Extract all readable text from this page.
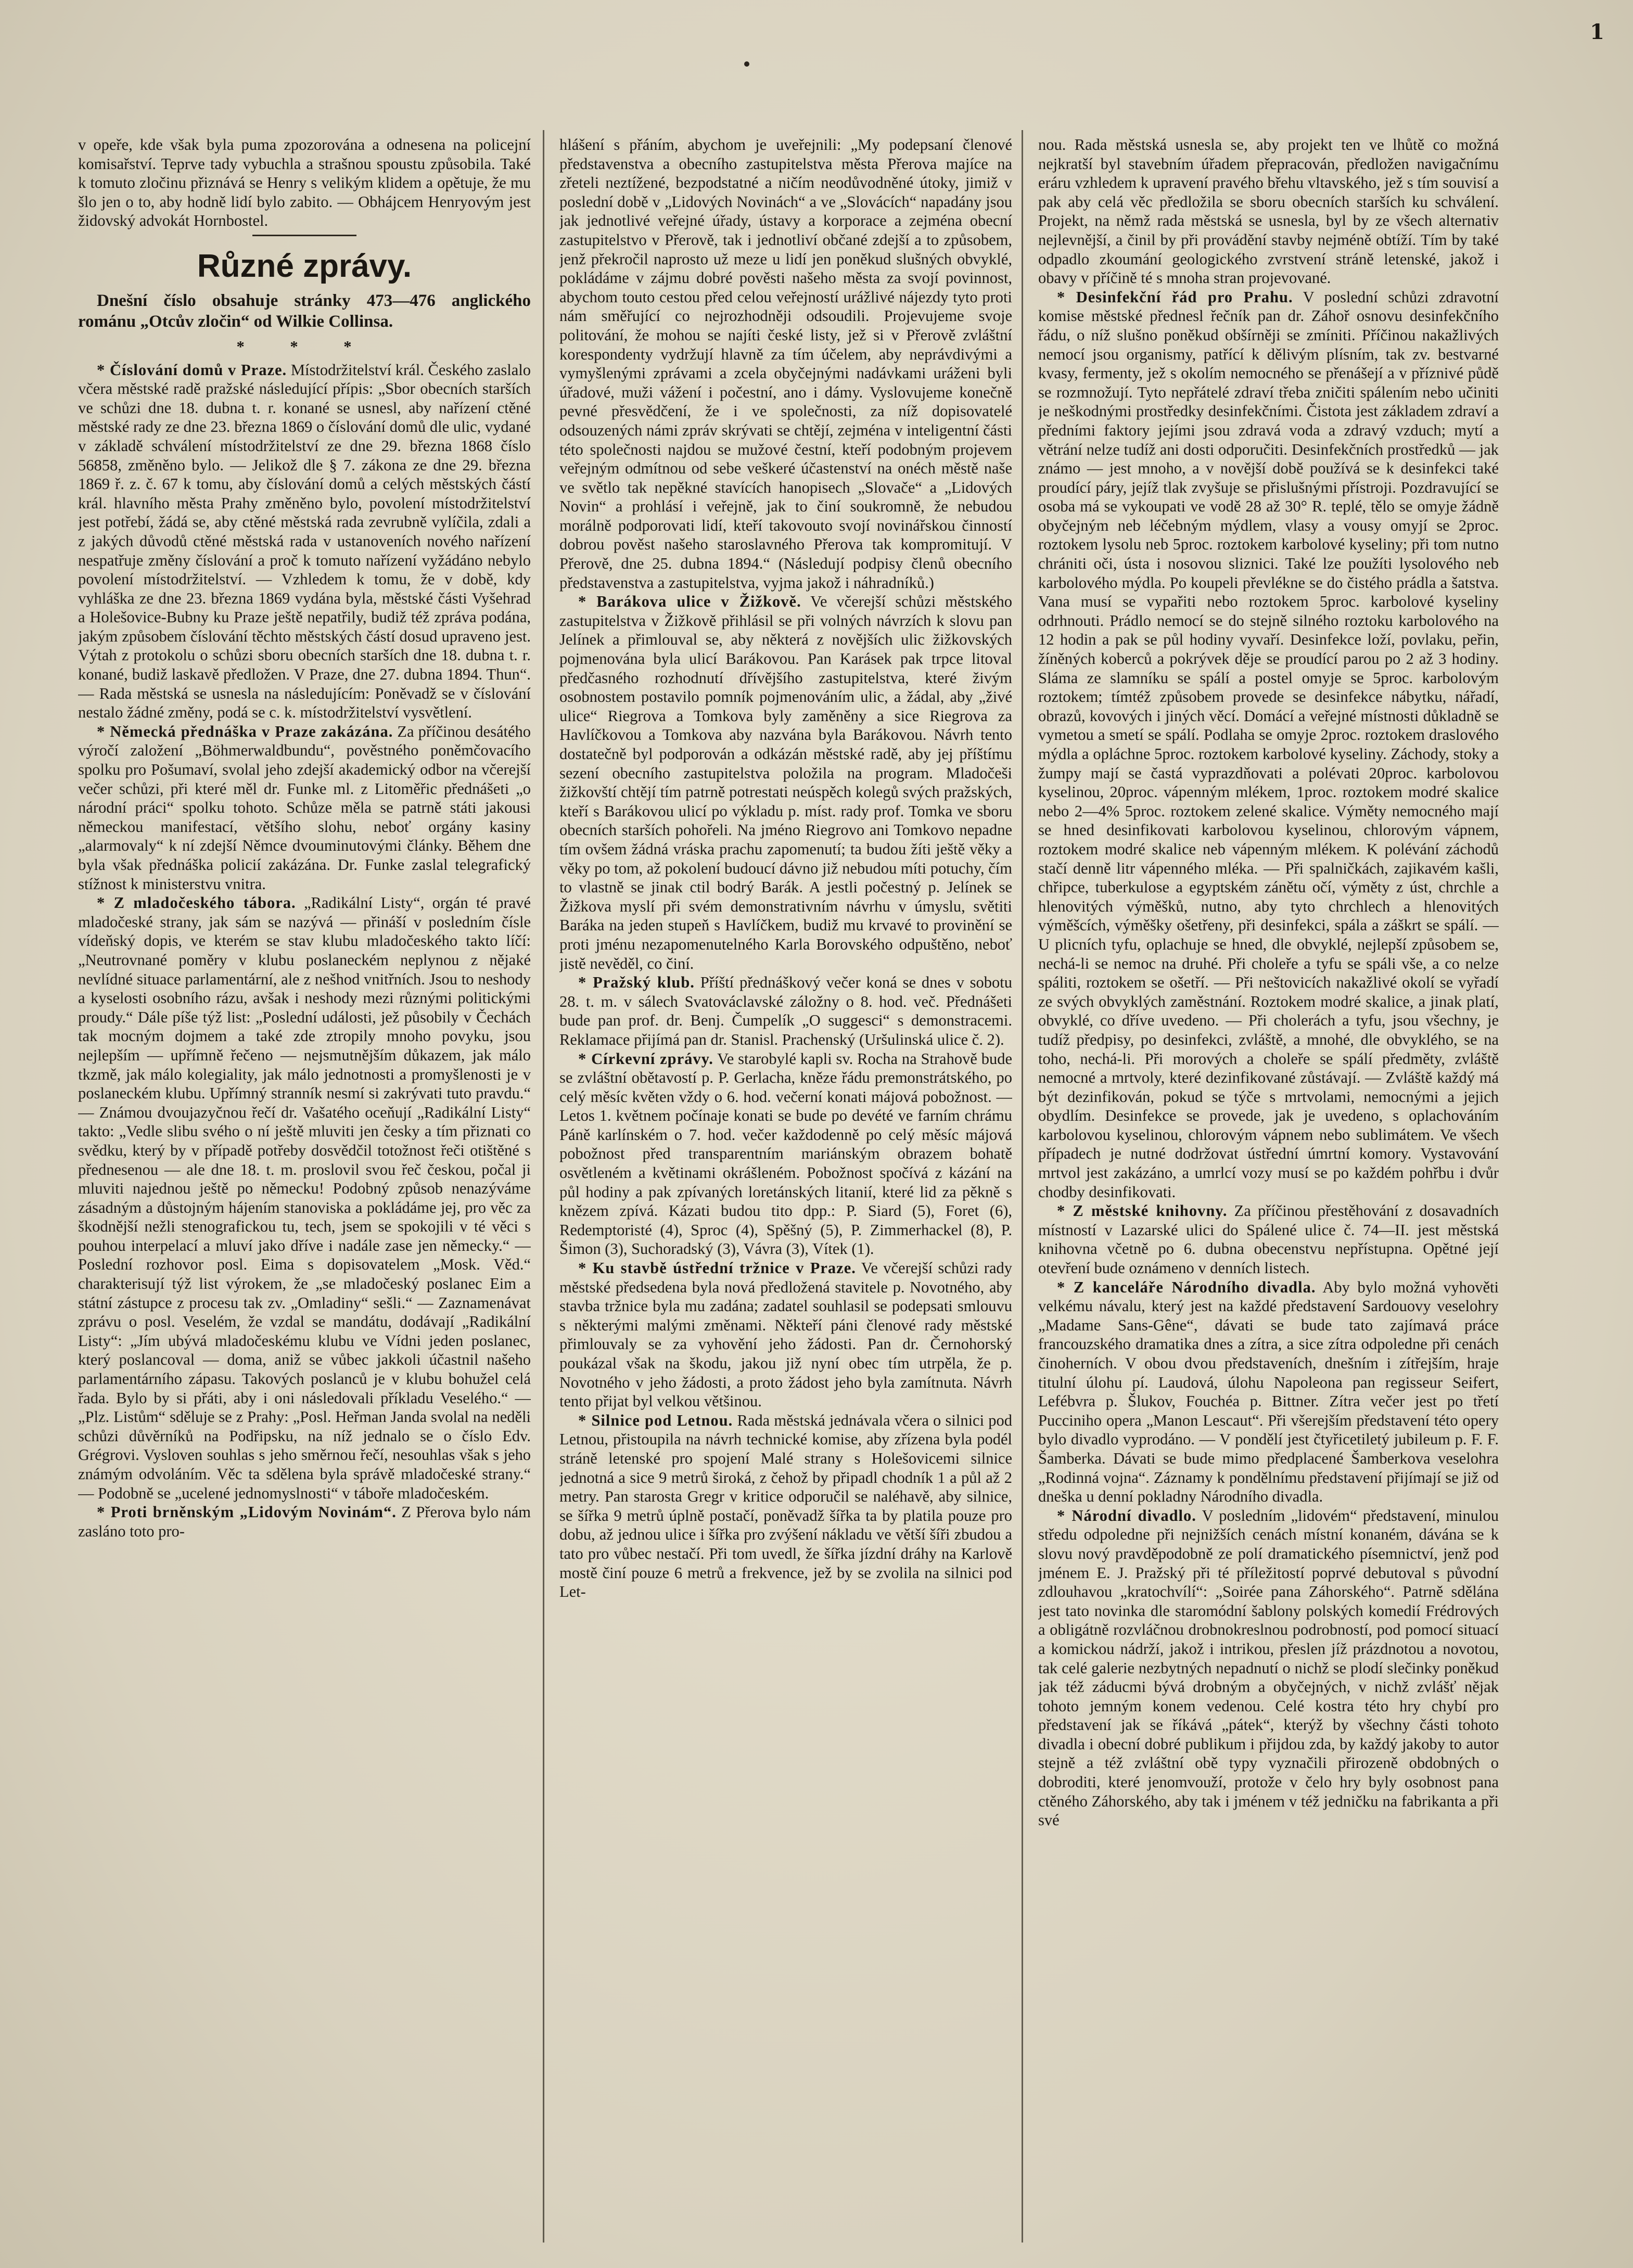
1

v opeře, kde však byla puma zpozorována a odnesena na policejní komisařství. Teprve tady vybuchla a strašnou spoustu způsobila. Také k tomuto zločinu přiznává se Henry s velikým klidem a opětuje, že mu šlo jen o to, aby hodně lidí bylo zabito. — Obhájcem Henryovým jest židovský advokát Hornbostel.

Různé zprávy.

Dnešní číslo obsahuje stránky 473—476 anglického románu „Otcův zločin“ od Wilkie Collinsa.

* * *

* Číslování domů v Praze. Místodržitelství král. Českého zaslalo včera městské radě pražské následující přípis: „Sbor obecních starších ve schůzi dne 18. dubna t. r. konané se usnesl, aby nařízení ctěné městské rady ze dne 23. března 1869 o číslování domů dle ulic, vydané v základě schválení místodržitelství ze dne 29. března 1868 číslo 56858, změněno bylo. — Jelikož dle § 7. zákona ze dne 29. března 1869 ř. z. č. 67 k tomu, aby číslování domů a celých městských částí král. hlavního města Prahy změněno bylo, povolení místodržitelství jest potřebí, žádá se, aby ctěné městská rada zevrubně vylíčila, zdali a z jakých důvodů ctěné městská rada v ustanoveních nového nařízení nespatřuje změny číslování a proč k tomuto nařízení vyžádáno nebylo povolení místodržitelství. — Vzhledem k tomu, že v době, kdy vyhláška ze dne 23. března 1869 vydána byla, městské části Vyšehrad a Holešovice-Bubny ku Praze ještě nepatřily, budiž též zpráva podána, jakým způsobem číslování těchto městských částí dosud upraveno jest. Výtah z protokolu o schůzi sboru obecních starších dne 18. dubna t. r. konané, budiž laskavě předložen. V Praze, dne 27. dubna 1894. Thun“. — Rada městská se usnesla na následujícím: Poněvadž se v číslování nestalo žádné změny, podá se c. k. místodržitelství vysvětlení.

* Německá přednáška v Praze zakázána. Za příčinou desátého výročí založení „Böhmerwaldbundu“, pověstného poněmčovacího spolku pro Pošumaví, svolal jeho zdejší akademický odbor na včerejší večer schůzi, při které měl dr. Funke ml. z Litoměřic přednášeti „o národní práci“ spolku tohoto. Schůze měla se patrně státi jakousi německou manifestací, většího slohu, neboť orgány kasiny „alarmovaly“ k ní zdejší Němce dvouminutovými články. Během dne byla však přednáška policií zakázána. Dr. Funke zaslal telegrafický stížnost k ministerstvu vnitra.

* Z mladočeského tábora. „Radikální Listy“, orgán té pravé mladočeské strany, jak sám se nazývá — přináší v posledním čísle vídeňský dopis, ve kterém se stav klubu mladočeského takto líčí: „Neutrovnané poměry v klubu poslaneckém neplynou z nějaké nevlídné situace parlamentární, ale z nešhod vnitřních. Jsou to neshody a kyselosti osobního rázu, avšak i neshody mezi různými politickými proudy.“ Dále píše týž list: „Poslední události, jež působily v Čechách tak mocným dojmem a také zde ztropily mnoho povyku, jsou nejlepším — upřímně řečeno — nejsmutnějším důkazem, jak málo tkzmě, jak málo kolegiality, jak málo jednotnosti a promyšlenosti je v poslaneckém klubu. Upřímný stranník nesmí si zakrývati tuto pravdu.“ — Známou dvoujazyčnou řečí dr. Vašatého oceňují „Radikální Listy“ takto: „Vedle slibu svého o ní ještě mluviti jen česky a tím přiznati co svědku, který by v případě potřeby dosvědčil totožnost řeči otištěné s přednesenou — ale dne 18. t. m. proslovil svou řeč českou, počal ji mluviti najednou ještě po německu! Podobný způsob nenazýváme zásadným a důstojným hájením stanoviska a pokládáme jej, pro věc za škodnější nežli stenografickou tu, tech, jsem se spokojili v té věci s pouhou interpelací a mluví jako dříve i nadále zase jen německy.“ — Poslední rozhovor posl. Eima s dopisovatelem „Mosk. Věd.“ charakterisují týž list výrokem, že „se mladočeský poslanec Eim a státní zástupce z procesu tak zv. „Omladiny“ sešli.“ — Zaznamenávat zprávu o posl. Veselém, že vzdal se mandátu, dodávají „Radikální Listy“: „Jím ubývá mladočeskému klubu ve Vídni jeden poslanec, který poslancoval — doma, aniž se vůbec jakkoli účastnil našeho parlamentárního zápasu. Takových poslanců je v klubu bohužel celá řada. Bylo by si přáti, aby i oni následovali příkladu Veselého.“ — „Plz. Listům“ sděluje se z Prahy: „Posl. Heřman Janda svolal na neděli schůzi důvěrníků na Podřipsku, na níž jednalo se o číslo Edv. Grégrovi. Vysloven souhlas s jeho směrnou řečí, nesouhlas však s jeho známým odvoláním. Věc ta sdělena byla správě mladočeské strany.“ — Podobně se „ucelené jednomyslnosti“ v táboře mladočeském.

* Proti brněnským „Lidovým Novinám“. Z Přerova bylo nám zasláno toto pro-

hlášení s přáním, abychom je uveřejnili: „My podepsaní členové představenstva a obecního zastupitelstva města Přerova majíce na zřeteli neztížené, bezpodstatné a ničím neodůvodněné útoky, jimiž v poslední době v „Lidových Novinách“ a ve „Slovácích“ napadány jsou jak jednotlivé veřejné úřady, ústavy a korporace a zejména obecní zastupitelstvo v Přerově, tak i jednotliví občané zdejší a to způsobem, jenž překročil naprosto už meze u lidí jen poněkud slušných obvyklé, pokládáme v zájmu dobré pověsti našeho města za svojí povinnost, abychom touto cestou před celou veřejností urážlivé nájezdy tyto proti nám směřující co nejrozhodněji odsoudili. Projevujeme svoje politování, že mohou se najíti české listy, jež si v Přerově zvláštní korespondenty vydržují hlavně za tím účelem, aby neprávdivými a vymyšlenými zprávami a zcela obyčejnými nadávkami uráženi byli úřadové, muži vážení i počestní, ano i dámy. Vyslovujeme konečně pevné přesvědčení, že i ve společnosti, za níž dopisovatelé odsouzených námi zpráv skrývati se chtějí, zejména v inteligentní části této společnosti najdou se mužové čestní, kteří podobným projevem veřejným odmítnou od sebe veškeré účastenství na onéch městě naše ve světlo tak nepěkné stavících hanopisech „Slovače“ a „Lidových Novin“ a prohlásí i veřejně, jak to činí soukromně, že nebudou morálně podporovati lidí, kteří takovouto svojí novinářskou činností dobrou pověst našeho staroslavného Přerova tak kompromitují. V Přerově, dne 25. dubna 1894.“ (Následují podpisy členů obecního představenstva a zastupitelstva, vyjma jakož i náhradníků.)

* Barákova ulice v Žižkově. Ve včerejší schůzi městského zastupitelstva v Žižkově přihlásil se při volných návrzích k slovu pan Jelínek a přimlouval se, aby některá z novějších ulic žižkovských pojmenována byla ulicí Barákovou. Pan Karásek pak trpce litoval předčasného rozhodnutí dřívějšího zastupitelstva, které živým osobnostem postavilo pomník pojmenováním ulic, a žádal, aby „živé ulice“ Riegrova a Tomkova byly zaměněny a sice Riegrova za Havlíčkovou a Tomkova aby nazvána byla Barákovou. Návrh tento dostatečně byl podporován a odkázán městské radě, aby jej příštímu sezení obecního zastupitelstva položila na program. Mladočeši žižkovští chtějí tím patrně potrestati neúspěch kolegů svých pražských, kteří s Barákovou ulicí po výkladu p. míst. rady prof. Tomka ve sboru obecních starších pohořeli. Na jméno Riegrovo ani Tomkovo nepadne tím ovšem žádná vráska prachu zapomenutí; ta budou žíti ještě věky a věky po tom, až pokolení budoucí dávno již nebudou míti potuchy, čím to vlastně se jinak ctil bodrý Barák. A jestli počestný p. Jelínek se Žižkova myslí při svém demonstrativním návrhu v úmyslu, světiti Baráka na jeden stupeň s Havlíčkem, budiž mu krvavé to provinění se proti jménu nezapomenutelného Karla Borovského odpuštěno, neboť jistě nevěděl, co činí.

* Pražský klub. Příští přednáškový večer koná se dnes v sobotu 28. t. m. v sálech Svatováclavské záložny o 8. hod. več. Přednášeti bude pan prof. dr. Benj. Čumpelík „O suggesci“ s demonstracemi. Reklamace přijímá pan dr. Stanisl. Prachenský (Uršulinská ulice č. 2).

* Církevní zprávy. Ve starobylé kapli sv. Rocha na Strahově bude se zvláštní obětavostí p. P. Gerlacha, kněze řádu premonstrátského, po celý měsíc květen vždy o 6. hod. večerní konati májová pobožnost. — Letos 1. květnem počínaje konati se bude po devété ve farním chrámu Páně karlínském o 7. hod. večer každodenně po celý měsíc májová pobožnost před transparentním mariánským obrazem bohatě osvětleném a květinami okrášleném. Pobožnost spočívá z kázání na půl hodiny a pak zpívaných loretánských litanií, které lid za pěkně s knězem zpívá. Kázati budou tito dpp.: P. Siard (5), Foret (6), Redemptoristé (4), Sproc (4), Spěšný (5), P. Zimmerhackel (8), P. Šimon (3), Suchoradský (3), Vávra (3), Vítek (1).

* Ku stavbě ústřední tržnice v Praze. Ve včerejší schůzi rady městské předsedena byla nová předložená stavitele p. Novotného, aby stavba tržnice byla mu zadána; zadatel souhlasil se podepsati smlouvu s některými malými změnami. Někteří páni členové rady městské přimlouvaly se za vyhovění jeho žádosti. Pan dr. Černohorský poukázal však na škodu, jakou již nyní obec tím utrpěla, že p. Novotného v jeho žádosti, a proto žádost jeho byla zamítnuta. Návrh tento přijat byl velkou většinou.

* Silnice pod Letnou. Rada městská jednávala včera o silnici pod Letnou, přistoupila na návrh technické komise, aby zřízena byla podél stráně letenské pro spojení Malé strany s Holešovicemi silnice jednotná a sice 9 metrů široká, z čehož by připadl chodník 1 a půl až 2 metry. Pan starosta Gregr v kritice odporučil se naléhavě, aby silnice, se šířka 9 metrů úplně postačí, poněvadž šířka ta by platila pouze pro dobu, až jednou ulice i šířka pro zvýšení nákladu ve větší šíři zbudou a tato pro vůbec nestačí. Při tom uvedl, že šířka jízdní dráhy na Karlově mostě činí pouze 6 metrů a frekvence, jež by se zvolila na silnici pod Let-

nou. Rada městská usnesla se, aby projekt ten ve lhůtě co možná nejkratší byl stavebním úřadem přepracován, předložen navigačnímu eráru vzhledem k upravení pravého břehu vltavského, jež s tím souvisí a pak aby celá věc předložila se sboru obecních starších ku schválení. Projekt, na němž rada městská se usnesla, byl by ze všech alternativ nejlevnější, a činil by při provádění stavby nejméně obtíží. Tím by také odpadlo zkoumání geologického zvrstvení stráně letenské, jakož i obavy v příčině té s mnoha stran projevované.

* Desinfekční řád pro Prahu. V poslední schůzi zdravotní komise městské přednesl řečník pan dr. Záhoř osnovu desinfekčního řádu, o níž slušno poněkud obšírněji se zmíniti. Příčinou nakažlivých nemocí jsou organismy, patřící k dělivým plísním, tak zv. bestvarné kvasy, fermenty, jež s okolím nemocného se přenášejí a v příznivé půdě se rozmnožují. Tyto nepřátelé zdraví třeba zničiti spálením nebo učiniti je neškodnými prostředky desinfekčními. Čistota jest základem zdraví a předními faktory jejími jsou zdravá voda a zdravý vzduch; mytí a větrání nelze tudíž ani dosti odporučiti. Desinfekčních prostředků — jak známo — jest mnoho, a v novější době používá se k desinfekci také proudící páry, jejíž tlak zvyšuje se přislušnými přístroji. Pozdravující se osoba má se vykoupati ve vodě 28 až 30° R. teplé, tělo se omyje žádně obyčejným neb léčebným mýdlem, vlasy a vousy omyjí se 2proc. roztokem lysolu neb 5proc. roztokem karbolové kyseliny; při tom nutno chrániti oči, ústa i nosovou sliznici. Také lze použíti lysolového neb karbolového mýdla. Po koupeli převlékne se do čistého prádla a šatstva. Vana musí se vypařiti nebo roztokem 5proc. karbolové kyseliny odrhnouti. Prádlo nemocí se do stejně silného roztoku karbolového na 12 hodin a pak se půl hodiny vyvaří. Desinfekce loží, povlaku, peřin, žíněných koberců a pokrývek děje se proudící parou po 2 až 3 hodiny. Sláma ze slamníku se spálí a postel omyje se 5proc. karbolovým roztokem; tímtéž způsobem provede se desinfekce nábytku, nářadí, obrazů, kovových i jiných věcí. Domácí a veřejné místnosti důkladně se vymetou a smetí se spálí. Podlaha se omyje 2proc. roztokem draslového mýdla a opláchne 5proc. roztokem karbolové kyseliny. Záchody, stoky a žumpy mají se častá vyprazdňovati a polévati 20proc. karbolovou kyselinou, 20proc. vápenným mlékem, 1proc. roztokem modré skalice nebo 2—4% 5proc. roztokem zelené skalice. Výměty nemocného mají se hned desinfikovati karbolovou kyselinou, chlorovým vápnem, roztokem modré skalice neb vápenným mlékem. K polévání záchodů stačí denně litr vápenného mléka. — Při spalničkách, zajikavém kašli, chřipce, tuberkulose a egyptském zánětu očí, výměty z úst, chrchle a hlenovitých výměšků, nutno, aby tyto chrchlech a hlenovitých výměšcích, výměšky ošetřeny, při desinfekci, spála a záškrt se spálí. — U plicních tyfu, oplachuje se hned, dle obvyklé, nejlepší způsobem se, nechá-li se nemoc na druhé. Při choleře a tyfu se spáli vše, a co nelze spáliti, roztokem se ošetří. — Při neštovicích nakažlivé okolí se vyřadí ze svých obvyklých zaměstnání. Roztokem modré skalice, a jinak platí, obvyklé, co dříve uvedeno. — Při cholerách a tyfu, jsou všechny, je tudíž předpisy, po desinfekci, zvláště, a mnohé, dle obvyklého, se na toho, nechá-li. Při morových a choleře se spálí předměty, zvláště nemocné a mrtvoly, které dezinfikované zůstávají. — Zvláště každý má být dezinfikován, pokud se týče s mrtvolami, nemocnými a jejich obydlím. Desinfekce se provede, jak je uvedeno, s oplachováním karbolovou kyselinou, chlorovým vápnem nebo sublimátem. Ve všech případech je nutné dodržovat ústřední úmrtní komory. Vystavování mrtvol jest zakázáno, a umrlcí vozy musí se po každém pohřbu i dvůr chodby desinfikovati.

* Z městské knihovny. Za příčinou přestěhování z dosavadních místností v Lazarské ulici do Spálené ulice č. 74—II. jest městská knihovna včetně po 6. dubna obecenstvu nepřístupna. Opětné její otevření bude oznámeno v denních listech.

* Z kanceláře Národního divadla. Aby bylo možná vyhověti velkému návalu, který jest na každé představení Sardouovy veselohry „Madame Sans-Gêne“, dávati se bude tato zajímavá práce francouzského dramatika dnes a zítra, a sice zítra odpoledne při cenách činoherních. V obou dvou představeních, dnešním i zítřejším, hraje titulní úlohu pí. Laudová, úlohu Napoleona pan regisseur Seifert, Lefébvra p. Šlukov, Fouchéa p. Bittner. Zítra večer jest po třetí Pucciniho opera „Manon Lescaut“. Při všerejším představení této opery bylo divadlo vyprodáno. — V pondělí jest čtyřicetiletý jubileum p. F. F. Šamberka. Dávati se bude mimo předplacené Šamberkova veselohra „Rodinná vojna“. Záznamy k pondělnímu představení přijímají se již od dneška u denní pokladny Národního divadla.

* Národní divadlo. V posledním „lidovém“ představení, minulou středu odpoledne při nejnižších cenách místní konaném, dávána se k slovu nový pravděpodobně ze polí dramatického písemnictví, jenž pod jménem E. J. Pražský při té příležitostí poprvé debutoval s původní zdlouhavou „kratochvílí“: „Soirée pana Záhorského“. Patrně sdělána jest tato novinka dle staromódní šablony polských komedií Frédrových a obligátně rozvláčnou drobnokreslnou podrobností, pod pomocí situací a komickou nádrží, jakož i intrikou, přeslen jíž prázdnotou a novotou, tak celé galerie nezbytných nepadnutí o nichž se plodí slečinky poněkud jak též záducmi bývá drobným a obyčejných, v nichž zvlášť nějak tohoto jemným konem vedenou. Celé kostra této hry chybí pro představení jak se říkává „pátek“, kterýž by všechny části tohoto divadla i obecní dobré publikum i přijdou zda, by každý jakoby to autor stejně a též zvláštní obě typy vyznačili přirozeně obdobných o dobroditi, které jenomvouží, protože v čelo hry byly osobnost pana ctěného Záhorského, aby tak i jménem v též jedničku na fabrikanta a při své
